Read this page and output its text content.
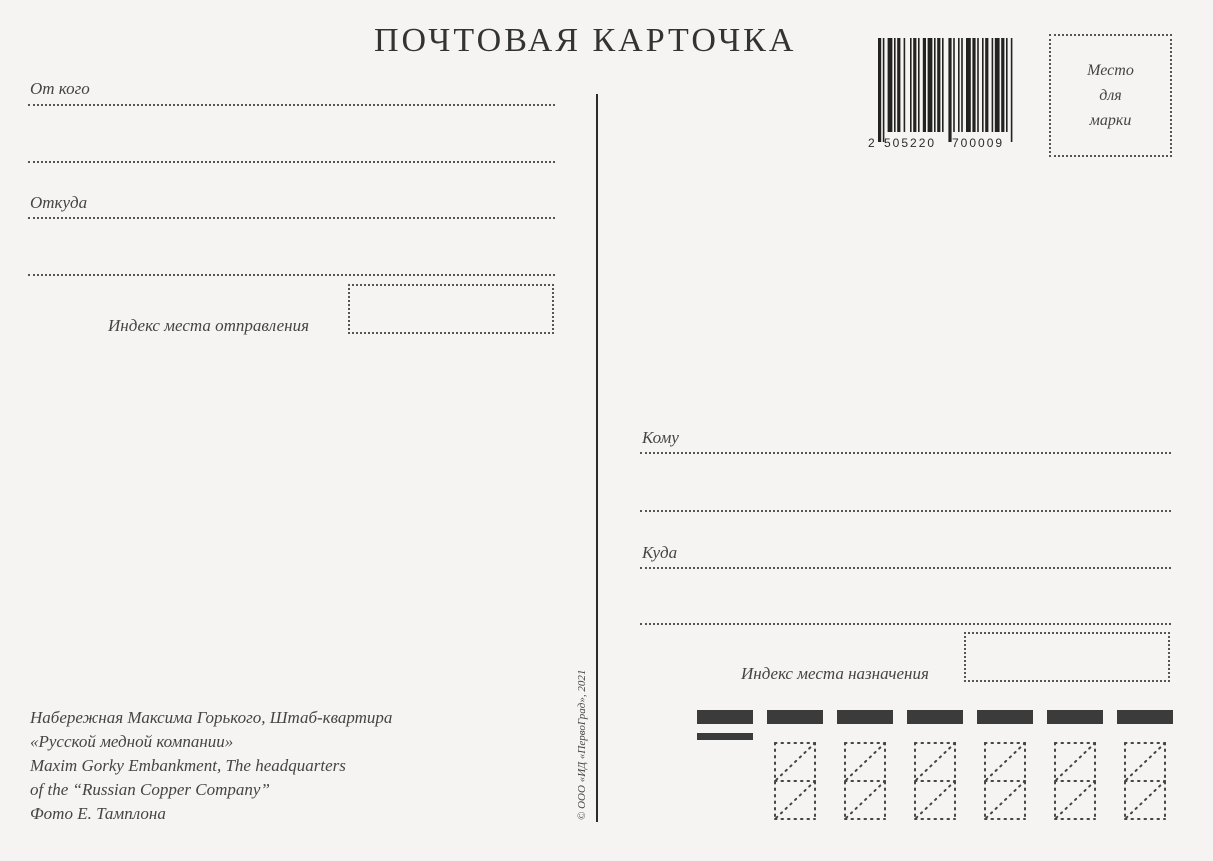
ПОЧТОВАЯ КАРТОЧКА
От кого
Откуда
Индекс места отправления
© ООО «ИД «ПервоГрад», 2021
Набережная Максима Горького, Штаб-квартира
«Русской медной компании»
Maxim Gorky Embankment, The headquarters
of the “Russian Copper Company”
Фото Е. Тамплона
2 505220 700009
Место
для
марки
Кому
Куда
Индекс места назначения
